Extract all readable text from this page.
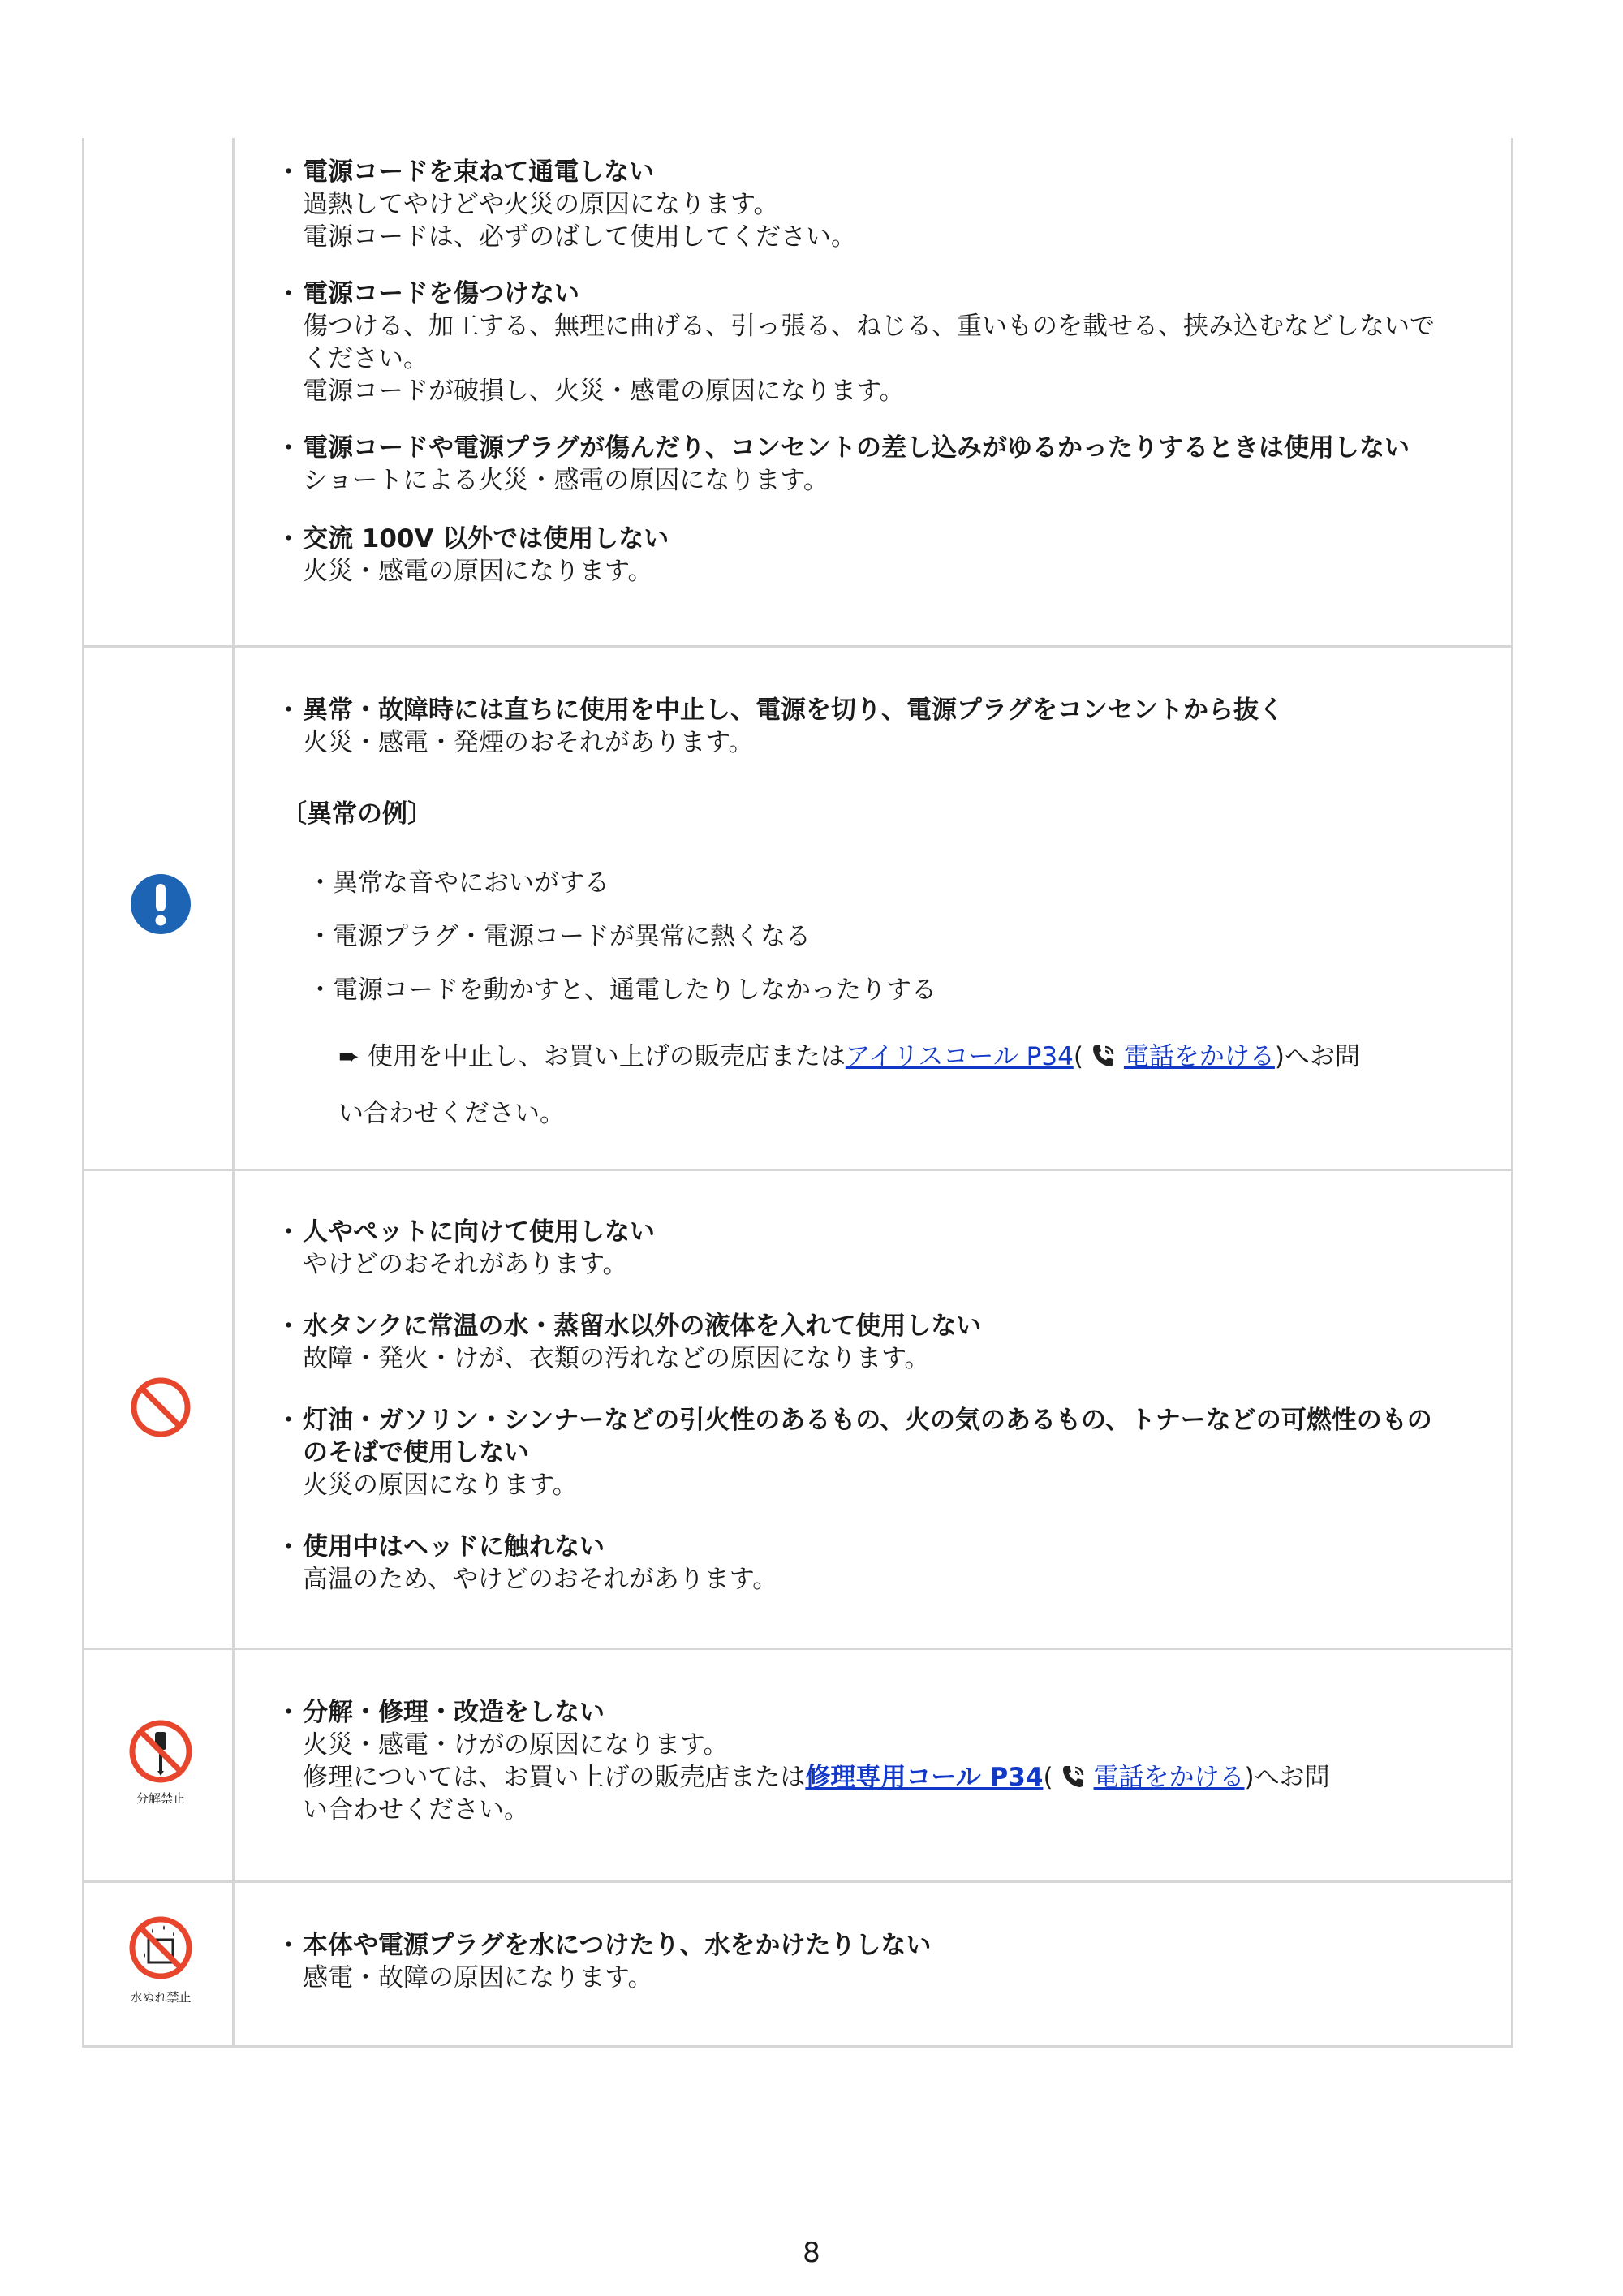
・ 電源コードを束ねて通電しない
過熱してやけどや火災の原因になります。
電源コードは、必ずのばして使用してください。
・ 電源コードを傷つけない
傷つける、加工する、無理に曲げる、引っ張る、ねじる、重いものを載せる、挟み込むなどしないで
ください。
電源コードが破損し、火災・感電の原因になります。
・ 電源コードや電源プラグが傷んだり、コンセントの差し込みがゆるかったりするときは使用しない
ショートによる火災・感電の原因になります。
・ 交流 100V 以外では使用しない
火災・感電の原因になります。
・ 異常・故障時には直ちに使用を中止し、電源を切り、電源プラグをコンセントから抜く
火災・感電・発煙のおそれがあります。
〔異常の例〕
・異常な音やにおいがする
・電源プラグ・電源コードが異常に熱くなる
・電源コードを動かすと、通電したりしなかったりする
➨ 使用を中止し、お買い上げの販売店またはアイリスコール P34( 電話をかける)へお問
い合わせください。
・ 人やペットに向けて使用しない
やけどのおそれがあります。
・ 水タンクに常温の水・蒸留水以外の液体を入れて使用しない
故障・発火・けが、衣類の汚れなどの原因になります。
・ 灯油・ガソリン・シンナーなどの引火性のあるもの、火の気のあるもの、トナーなどの可燃性のもの
のそばで使用しない
火災の原因になります。
・ 使用中はヘッドに触れない
高温のため、やけどのおそれがあります。
分解禁止
・ 分解・修理・改造をしない
火災・感電・けがの原因になります。
修理については、お買い上げの販売店または修理専用コール P34( 電話をかける)へお問
い合わせください。
水ぬれ禁止
・ 本体や電源プラグを水につけたり、水をかけたりしない
感電・故障の原因になります。
8
